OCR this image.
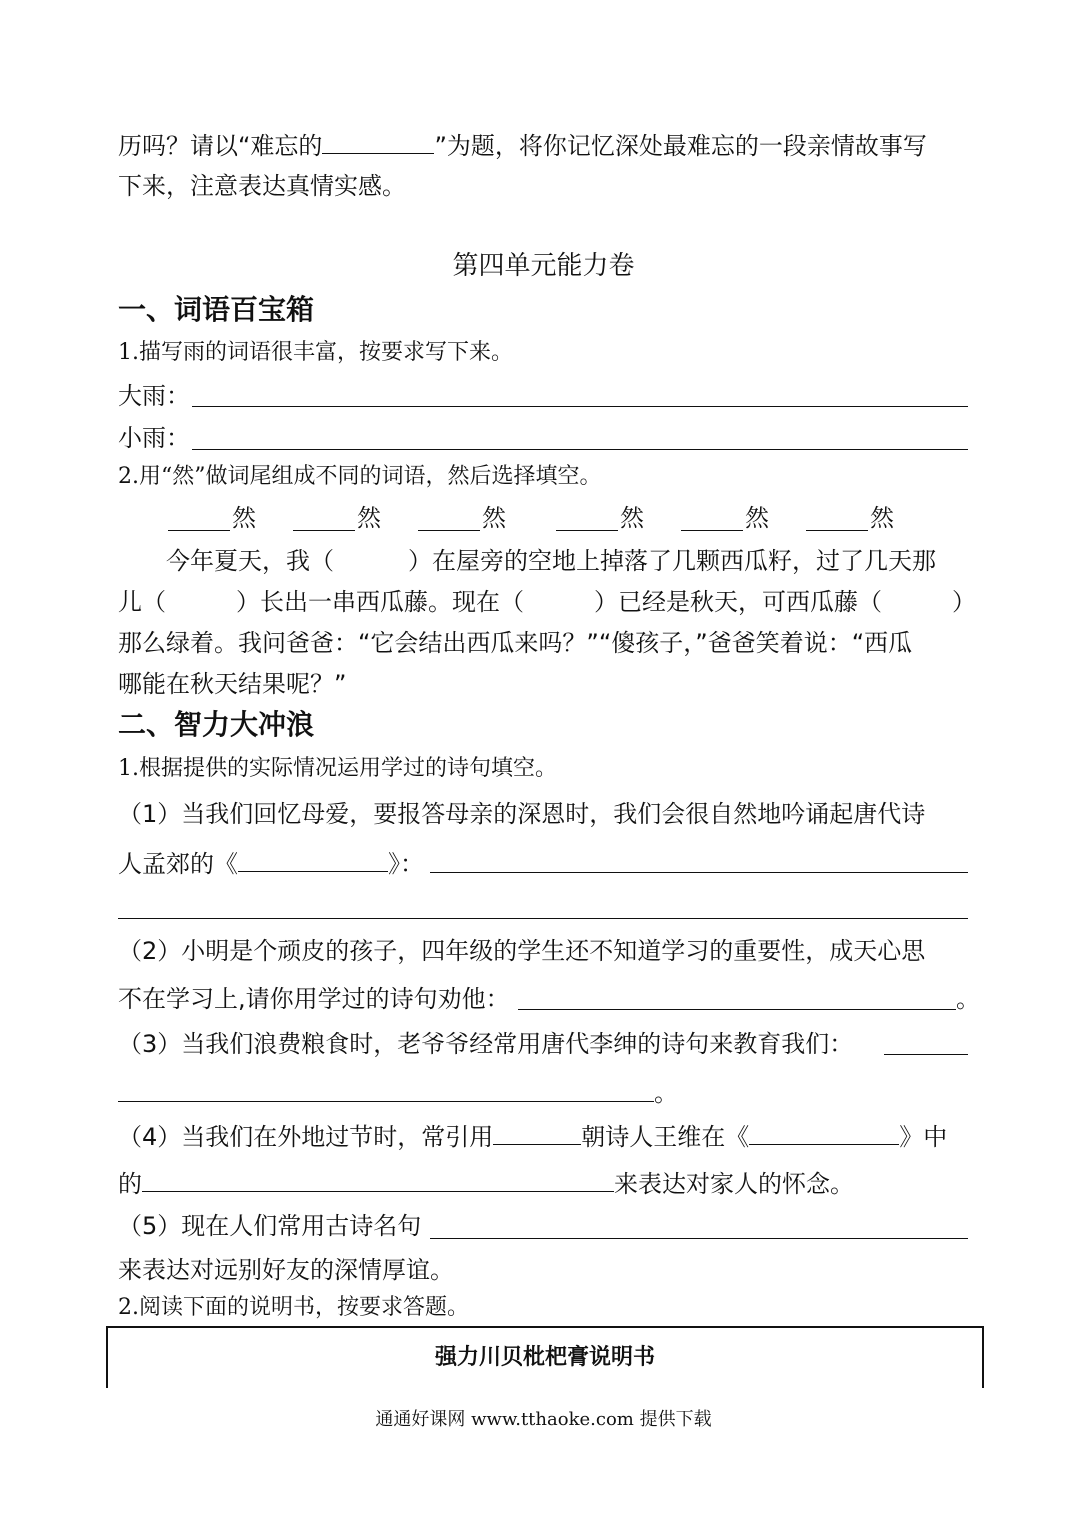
历吗？请以“难忘的	”为题，将你记忆深处最难忘的一段亲情故事写
下来，注意表达真情实感。
第四单元能力卷
一、词语百宝箱
1.描写雨的词语很丰富，按要求写下来。
大雨：
小雨：
2.用“然”做词尾组成不同的词语，然后选择填空。
然	然	然	然	然	然
今年夏天，我（	）在屋旁的空地上掉落了几颗西瓜籽，过了几天那
儿（	）长出一串西瓜藤。现在（	）已经是秋天，可西瓜藤（	）
那么绿着。我问爸爸：“它会结出西瓜来吗？”“傻孩子，”爸爸笑着说：“西瓜
哪能在秋天结果呢？”
二、智力大冲浪
1.根据提供的实际情况运用学过的诗句填空。
（1）当我们回忆母爱，要报答母亲的深恩时，我们会很自然地吟诵起唐代诗
人孟郊的《	》：
（2）小明是个顽皮的孩子，四年级的学生还不知道学习的重要性，成天心思
不在学习上,请你用学过的诗句劝他：	。
（3）当我们浪费粮食时，老爷爷经常用唐代李绅的诗句来教育我们：
。
（4）当我们在外地过节时，常引用	朝诗人王维在《	》中
的	来表达对家人的怀念。
（5）现在人们常用古诗名句
来表达对远别好友的深情厚谊。
2.阅读下面的说明书，按要求答题。
强力川贝枇杷膏说明书
通通好课网 www.tthaoke.com 提供下载
